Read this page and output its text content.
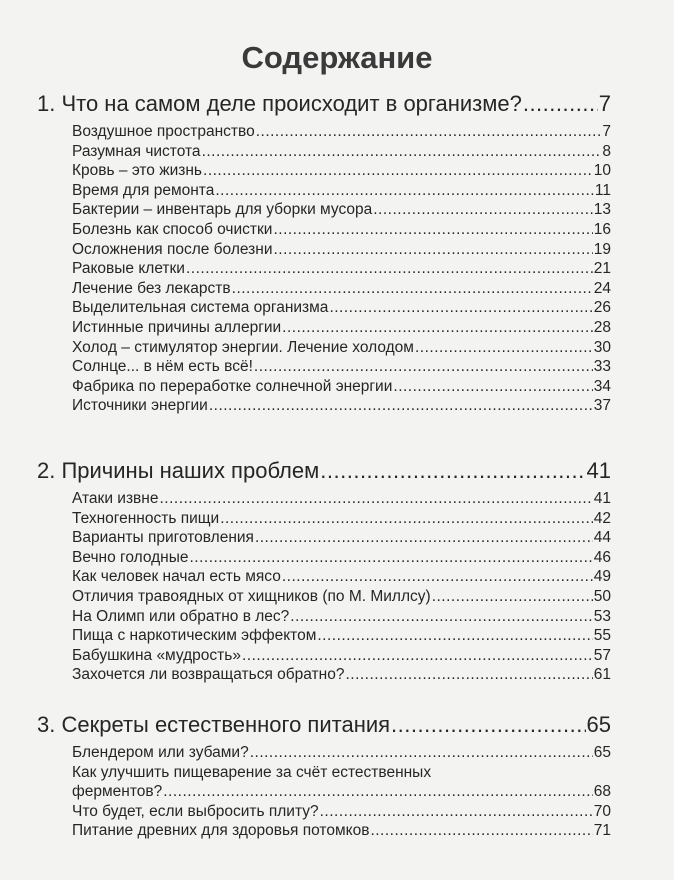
Содержание
1. Что на самом деле происходит в организме? .....	7
Воздушное пространство .....	7
Разумная чистота .....	8
Кровь – это жизнь .....	10
Время для ремонта .....	11
Бактерии – инвентарь для уборки мусора .....	13
Болезнь как способ очистки .....	16
Осложнения после болезни .....	19
Раковые клетки .....	21
Лечение без лекарств .....	24
Выделительная система организма .....	26
Истинные причины аллергии .....	28
Холод – стимулятор энергии. Лечение холодом .....	30
Солнце... в нём есть всё! .....	33
Фабрика по переработке солнечной энергии .....	34
Источники энергии .....	37
2. Причины наших проблем .....	41
Атаки извне .....	41
Техногенность пищи .....	42
Варианты приготовления .....	44
Вечно голодные .....	46
Как человек начал есть мясо .....	49
Отличия травоядных от хищников (по М. Миллсу) .....	50
На Олимп или обратно в лес? .....	53
Пища с наркотическим эффектом .....	55
Бабушкина «мудрость» .....	57
Захочется ли возвращаться обратно? .....	61
3. Секреты естественного питания .....	65
Блендером или зубами? .....	65
Как улучшить пищеварение за счёт естественных
ферментов? .....	68
Что будет, если выбросить плиту? .....	70
Питание древних для здоровья потомков .....	71
